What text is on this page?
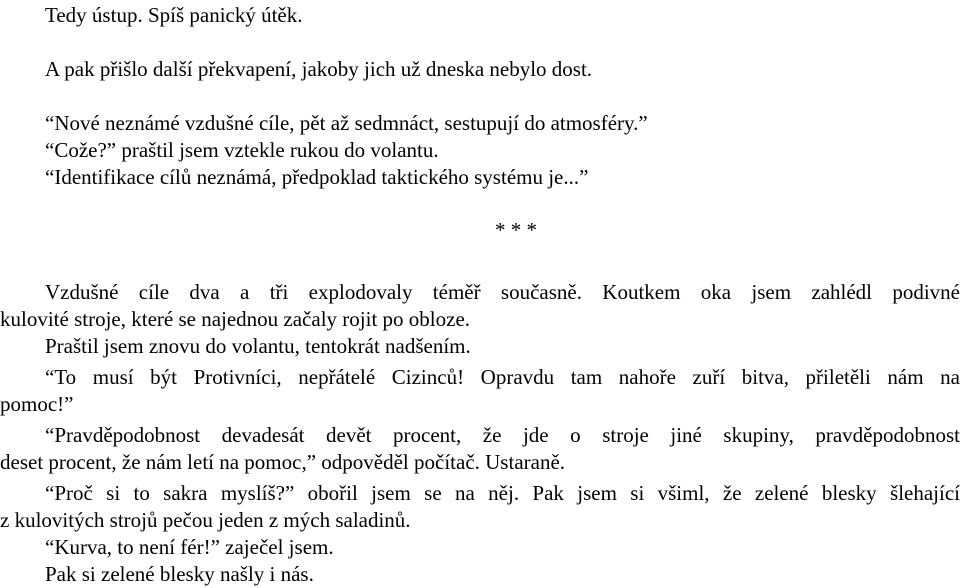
Tedy ústup. Spíš panický útěk.
A pak přišlo další překvapení, jakoby jich už dneska nebylo dost.
“Nové neznámé vzdušné cíle, pět až sedmnáct, sestupují do atmosféry.”
“Cože?” praštil jsem vztekle rukou do volantu.
“Identifikace cílů neznámá, předpoklad taktického systému je...”
* * *
Vzdušné cíle dva a tři explodovaly téměř současně. Koutkem oka jsem zahlédl podivné
kulovité stroje, které se najednou začaly rojit po obloze.
Praštil jsem znovu do volantu, tentokrát nadšením.
“To musí být Protivníci, nepřátelé Cizinců! Opravdu tam nahoře zuří bitva, přiletěli nám na
pomoc!”
“Pravděpodobnost devadesát devět procent, že jde o stroje jiné skupiny, pravděpodobnost
deset procent, že nám letí na pomoc,” odpověděl počítač. Ustaraně.
“Proč si to sakra myslíš?” obořil jsem se na něj. Pak jsem si všiml, že zelené blesky šlehající
z kulovitých strojů pečou jeden z mých saladinů.
“Kurva, to není fér!” zaječel jsem.
Pak si zelené blesky našly i nás.
